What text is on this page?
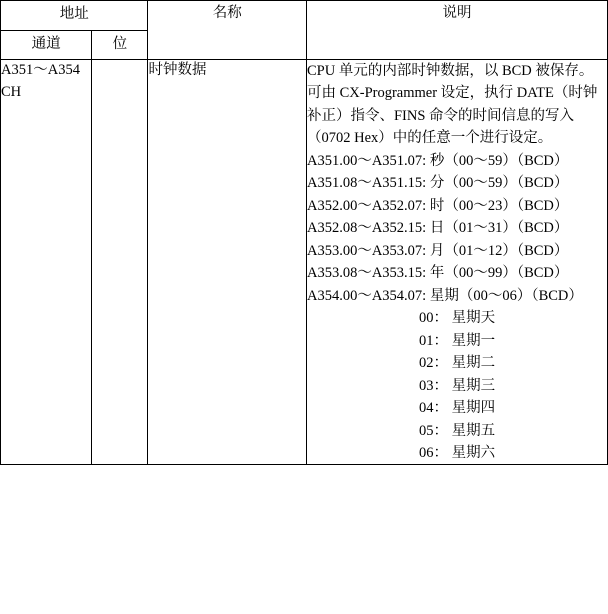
地址		名称	说明
通道	位		
A351～A354 CH		时钟数据	CPU 单元的内部时钟数据，以 BCD 被保存。

可由 CX-Programmer 设定，执行 DATE（时钟补正）指令、FINS 命令的时间信息的写入（0702 Hex）中的任意一个进行设定。

A351.00～A351.07: 秒（00～59）（BCD）

A351.08～A351.15: 分（00～59）（BCD）

A352.00～A352.07: 时（00～23）（BCD）

A352.08～A352.15: 日（01～31）（BCD）

A353.00～A353.07: 月（01～12）（BCD）

A353.08～A353.15: 年（00～99）（BCD）

A354.00～A354.07: 星期（00～06）（BCD）

00： 星期天

01： 星期一

02： 星期二

03： 星期三

04： 星期四

05： 星期五

06： 星期六
